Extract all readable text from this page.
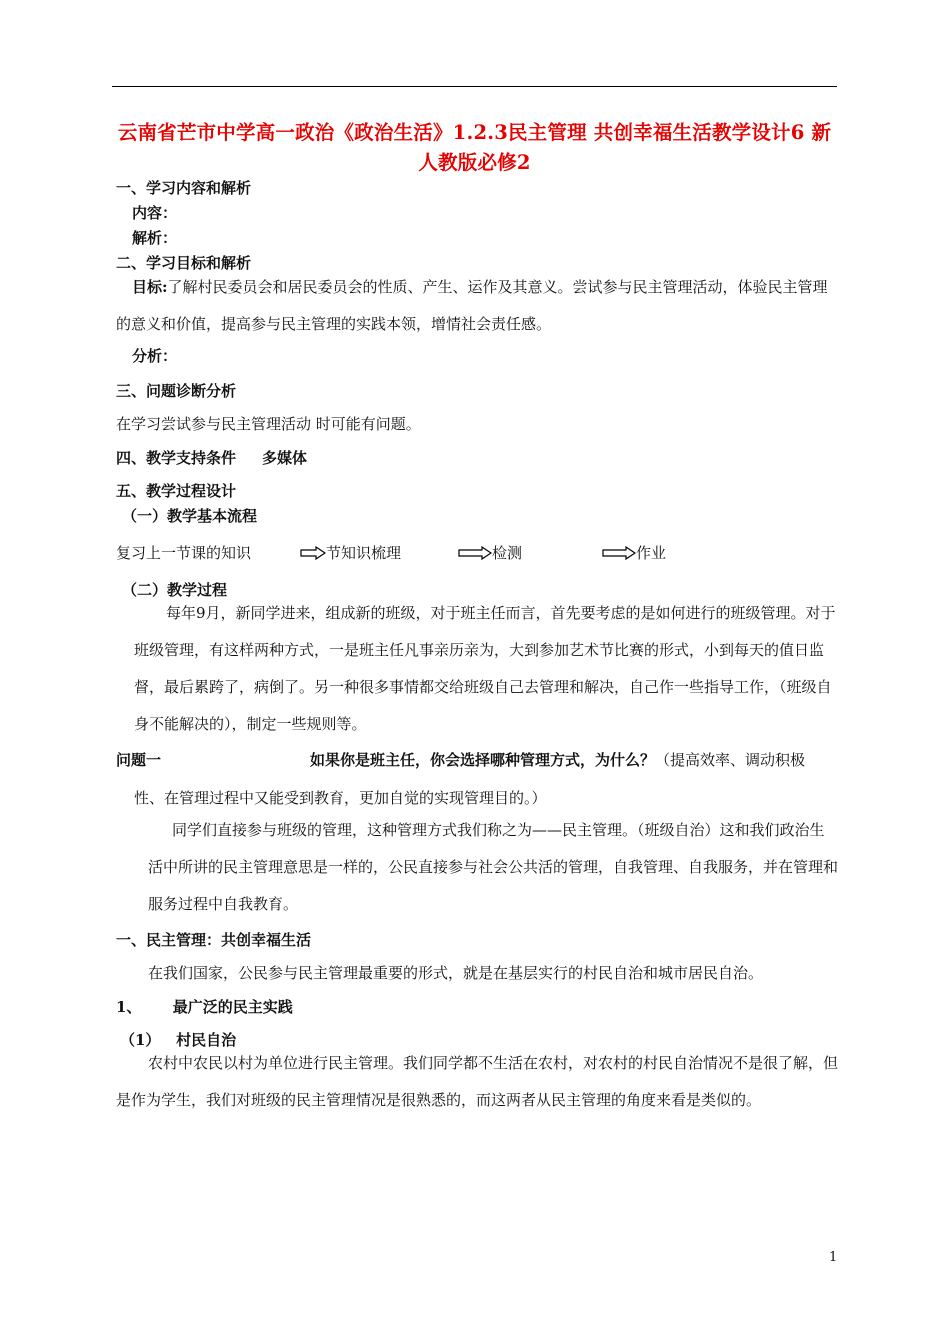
云南省芒市中学高一政治《政治生活》1.2.3民主管理 共创幸福生活教学设计6 新人教版必修2
一、学习内容和解析
内容：
解析：
二、学习目标和解析
目标:了解村民委员会和居民委员会的性质、产生、运作及其意义。尝试参与民主管理活动，体验民主管理的意义和价值，提高参与民主管理的实践本领，增情社会责任感。
分析：
三、问题诊断分析
在学习尝试参与民主管理活动 时可能有问题。
四、教学支持条件 多媒体
五、教学过程设计
（一）教学基本流程
复习上一节课的知识	节知识梳理	检测	作业
（二）教学过程
每年9月，新同学进来，组成新的班级，对于班主任而言，首先要考虑的是如何进行的班级管理。对于班级管理，有这样两种方式，一是班主任凡事亲历亲为，大到参加艺术节比赛的形式，小到每天的值日监督，最后累跨了，病倒了。另一种很多事情都交给班级自己去管理和解决，自己作一些指导工作，（班级自身不能解决的），制定一些规则等。
问题一	如果你是班主任，你会选择哪种管理方式，为什么？（提高效率、调动积极
性、在管理过程中又能受到教育，更加自觉的实现管理目的。）
同学们直接参与班级的管理，这种管理方式我们称之为——民主管理。（班级自治）这和我们政治生活中所讲的民主管理意思是一样的，公民直接参与社会公共活的管理，自我管理、自我服务，并在管理和服务过程中自我教育。
一、民主管理：共创幸福生活
在我们国家，公民参与民主管理最重要的形式，就是在基层实行的村民自治和城市居民自治。
1、      最广泛的民主实践
（1）   村民自治
农村中农民以村为单位进行民主管理。我们同学都不生活在农村，对农村的村民自治情况不是很了解，但是作为学生，我们对班级的民主管理情况是很熟悉的，而这两者从民主管理的角度来看是类似的。
1
